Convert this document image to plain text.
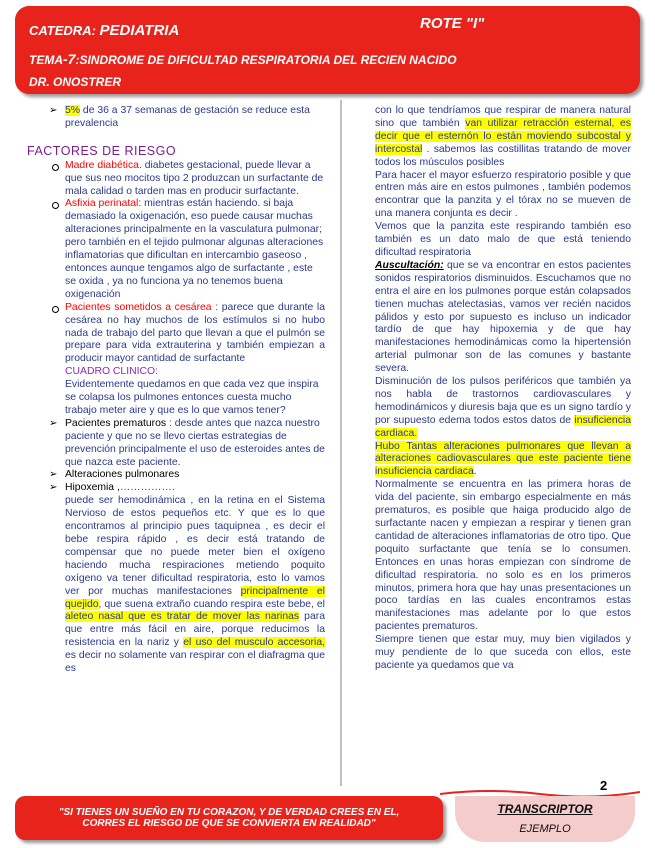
CATEDRA: PEDIATRIA	ROTE "I"
TEMA-7:SINDROME DE DIFICULTAD RESPIRATORIA DEL RECIEN NACIDO
DR. ONOSTRER
➢ 5% de 36 a 37 semanas de gestación se reduce esta prevalencia
FACTORES DE RIESGO
Madre diabética. diabetes gestacional, puede llevar a que sus neo mocitos tipo 2 produzcan un surfactante de mala calidad o tarden mas en producir surfactante.
Asfixia perinatal: mientras están haciendo. si baja demasiado la oxigenación, eso puede causar muchas alteraciones principalmente en la vasculatura pulmonar; pero también en el tejido pulmonar algunas alteraciones inflamatorias que dificultan en intercambio gaseoso , entonces aunque tengamos algo de surfactante , este se oxida , ya no funciona ya no tenemos buena oxigenación
Pacientes sometidos a cesárea : parece que durante la cesárea no hay muchos de los estímulos si no hubo nada de trabajo del parto que llevan a que el pulmón se prepare para vida extrauterina y también empiezan a producir mayor cantidad de surfactante
CUADRO CLINICO:
Evidentemente quedamos en que cada vez que inspira se colapsa los pulmones entonces cuesta mucho trabajo meter aire y que es lo que vamos tener?
➢ Pacientes prematuros : desde antes que nazca nuestro paciente y que no se llevo ciertas estrategias de prevención principalmente el uso de esteroides antes de que nazca este paciente.
➢ Alteraciones pulmonares
➢ Hipoxemia ,…………….
puede ser hemodinámica , en la retina en el Sistema Nervioso de estos pequeños etc. Y que es lo que encontramos al principio pues taquipnea , es decir el bebe respira rápido , es decir está tratando de compensar que no puede meter bien el oxígeno haciendo mucha respiraciones metiendo poquito oxígeno va tener dificultad respiratoria, esto lo vamos ver por muchas manifestaciones principalmente el quejido, que suena extraño cuando respira este bebe, el aleteo nasal que es tratar de mover las narinas para que entre más fácil en aire, porque reducimos la resistencia en la nariz y el uso del musculo accesoria, es decir no solamente van respirar con el diafragma que es
con lo que tendríamos que respirar de manera natural sino que también van utilizar retracción esternal, es decir que el esternón lo están moviendo subcostal y intercostal . sabemos las costillitas tratando de mover todos los músculos posibles
Para hacer el mayor esfuerzo respiratorio posible y que entren más aire en estos pulmones , también podemos encontrar que la panzita y el tórax no se mueven de una manera conjunta es decir .
Vemos que la panzita este respirando también eso también es un dato malo de que está teniendo dificultad respiratoria
Auscultación: que se va encontrar en estos pacientes sonidos respiratorios disminuidos. Escuchamos que no entra el aire en los pulmones porque están colapsados tienen muchas atelectasias, vamos ver recién nacidos pálidos y esto por supuesto es incluso un indicador tardío de que hay hipoxemia y de que hay manifestaciones hemodinámicas como la hipertensión arterial pulmonar son de las comunes y bastante severa.
Disminución de los pulsos periféricos que también ya nos habla de trastornos cardiovasculares y hemodinámicos y diuresis baja que es un signo tardío y por supuesto edema todos estos datos de insuficiencia cardiaca.
Hubo Tantas alteraciones pulmonares que llevan a alteraciones cadiovasculares que este paciente tiene insuficiencia cardiaca.
Normalmente se encuentra en las primera horas de vida del paciente, sin embargo especialmente en más prematuros, es posible que haiga producido algo de surfactante nacen y empiezan a respirar y tienen gran cantidad de alteraciones inflamatorias de otro tipo. Que poquito surfactante que tenía se lo consumen. Entonces en unas horas empiezan con síndrome de dificultad respiratoria. no solo es en los primeros minutos, primera hora que hay unas presentaciones un poco tardías en las cuales encontramos estas manifestaciones mas adelante por lo que estos pacientes prematuros.
Siempre tienen que estar muy, muy bien vigilados y muy pendiente de lo que suceda con ellos, este paciente ya quedamos que va
2
"SI TIENES UN SUEÑO EN TU CORAZON, Y DE VERDAD CREES EN EL,
CORRES EL RIESGO DE QUE SE CONVIERTA EN REALIDAD"
TRANSCRIPTOR
EJEMPLO
